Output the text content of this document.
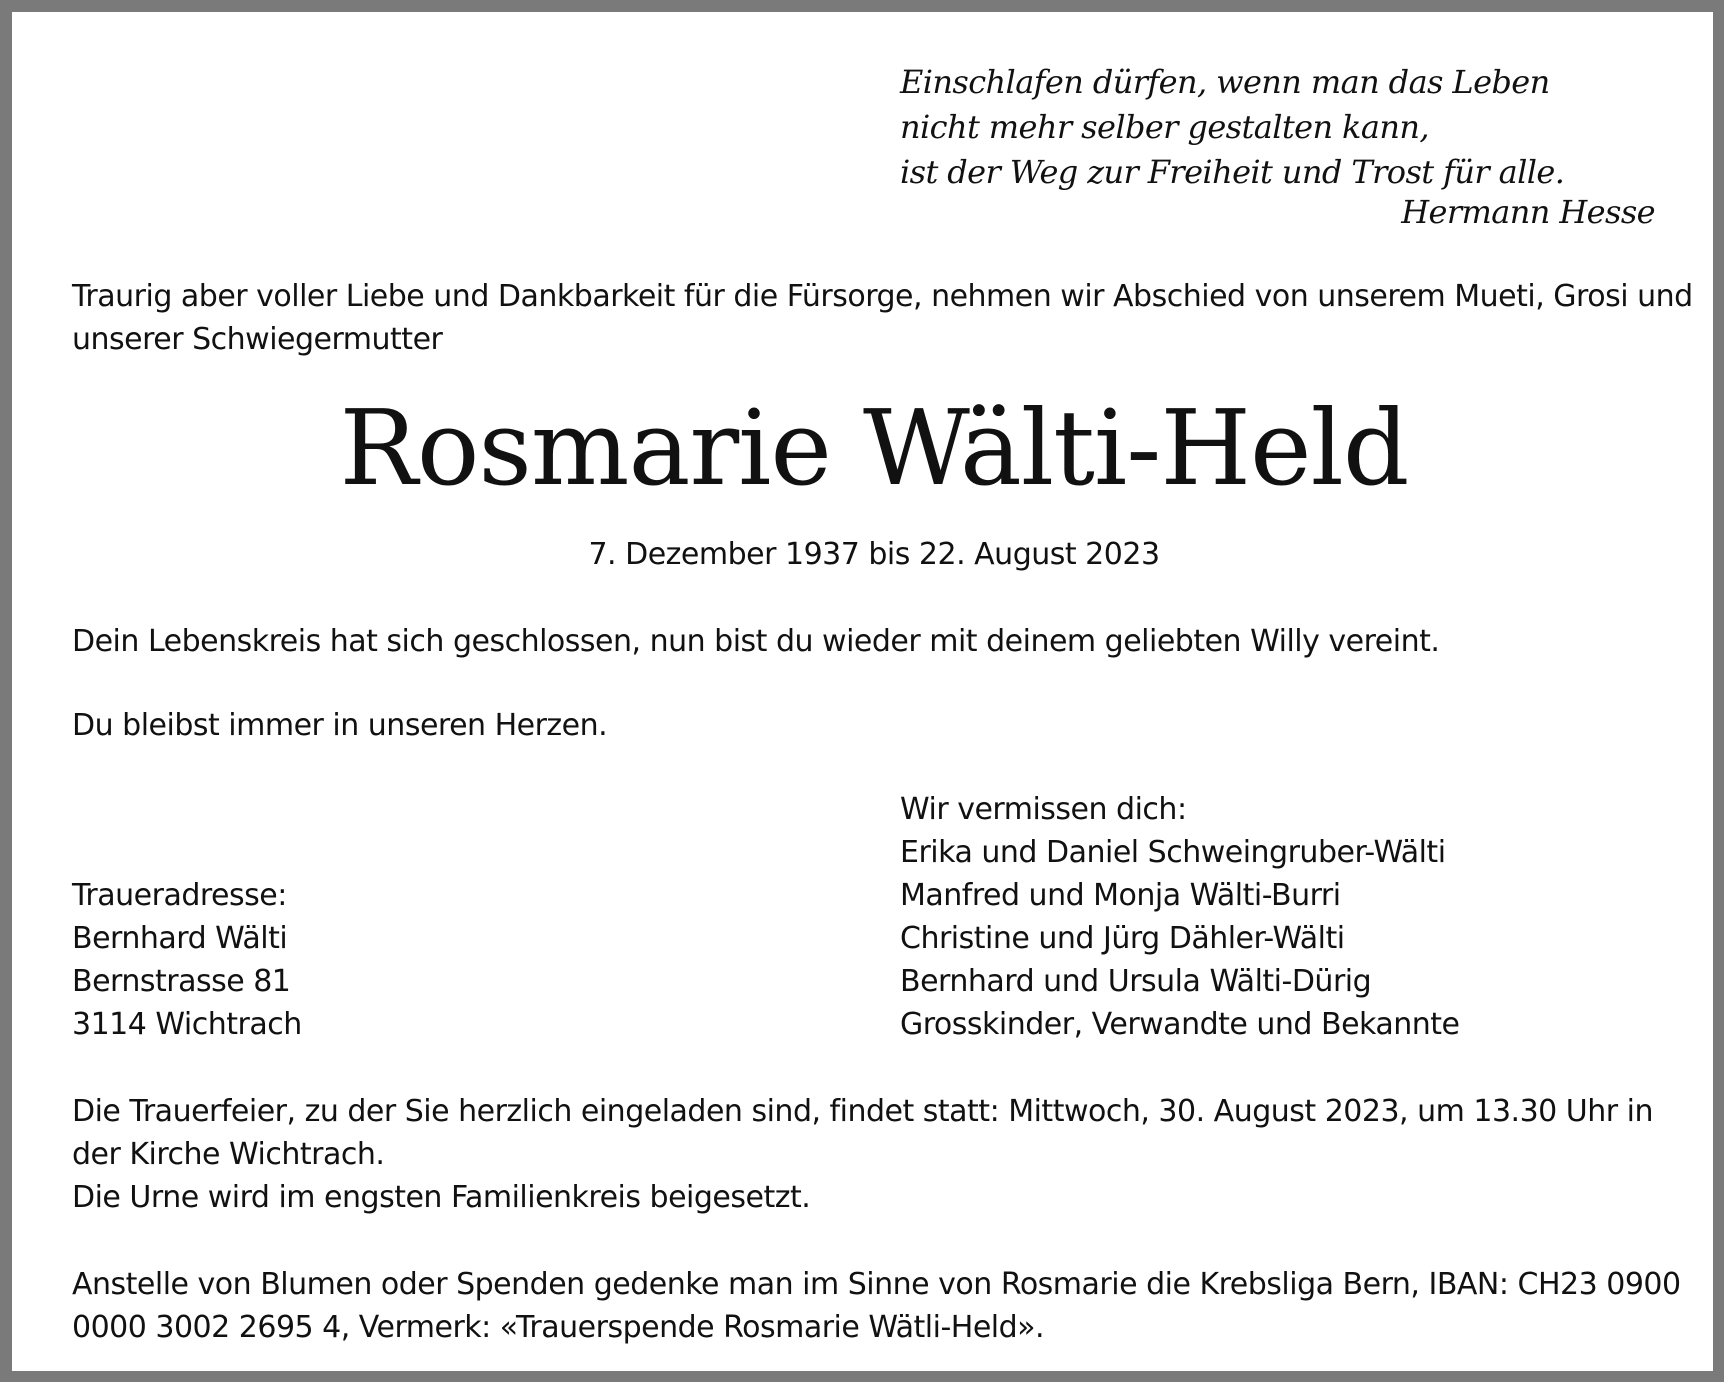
Einschlafen dürfen, wenn man das Leben
nicht mehr selber gestalten kann,
ist der Weg zur Freiheit und Trost für alle.
Hermann Hesse
Traurig aber voller Liebe und Dankbarkeit für die Fürsorge, nehmen wir Abschied von unserem Mueti, Grosi und
unserer Schwiegermutter
Rosmarie Wälti-Held
7. Dezember 1937 bis 22. August 2023
Dein Lebenskreis hat sich geschlossen, nun bist du wieder mit deinem geliebten Willy vereint.
Du bleibst immer in unseren Herzen.
Wir vermissen dich:
Erika und Daniel Schweingruber-Wälti
Manfred und Monja Wälti-Burri
Christine und Jürg Dähler-Wälti
Bernhard und Ursula Wälti-Dürig
Grosskinder, Verwandte und Bekannte
Traueradresse:
Bernhard Wälti
Bernstrasse 81
3114 Wichtrach
Die Trauerfeier, zu der Sie herzlich eingeladen sind, findet statt: Mittwoch, 30. August 2023, um 13.30 Uhr in
der Kirche Wichtrach.
Die Urne wird im engsten Familienkreis beigesetzt.
Anstelle von Blumen oder Spenden gedenke man im Sinne von Rosmarie die Krebsliga Bern, IBAN: CH23 0900
0000 3002 2695 4, Vermerk: «Trauerspende Rosmarie Wätli-Held».
